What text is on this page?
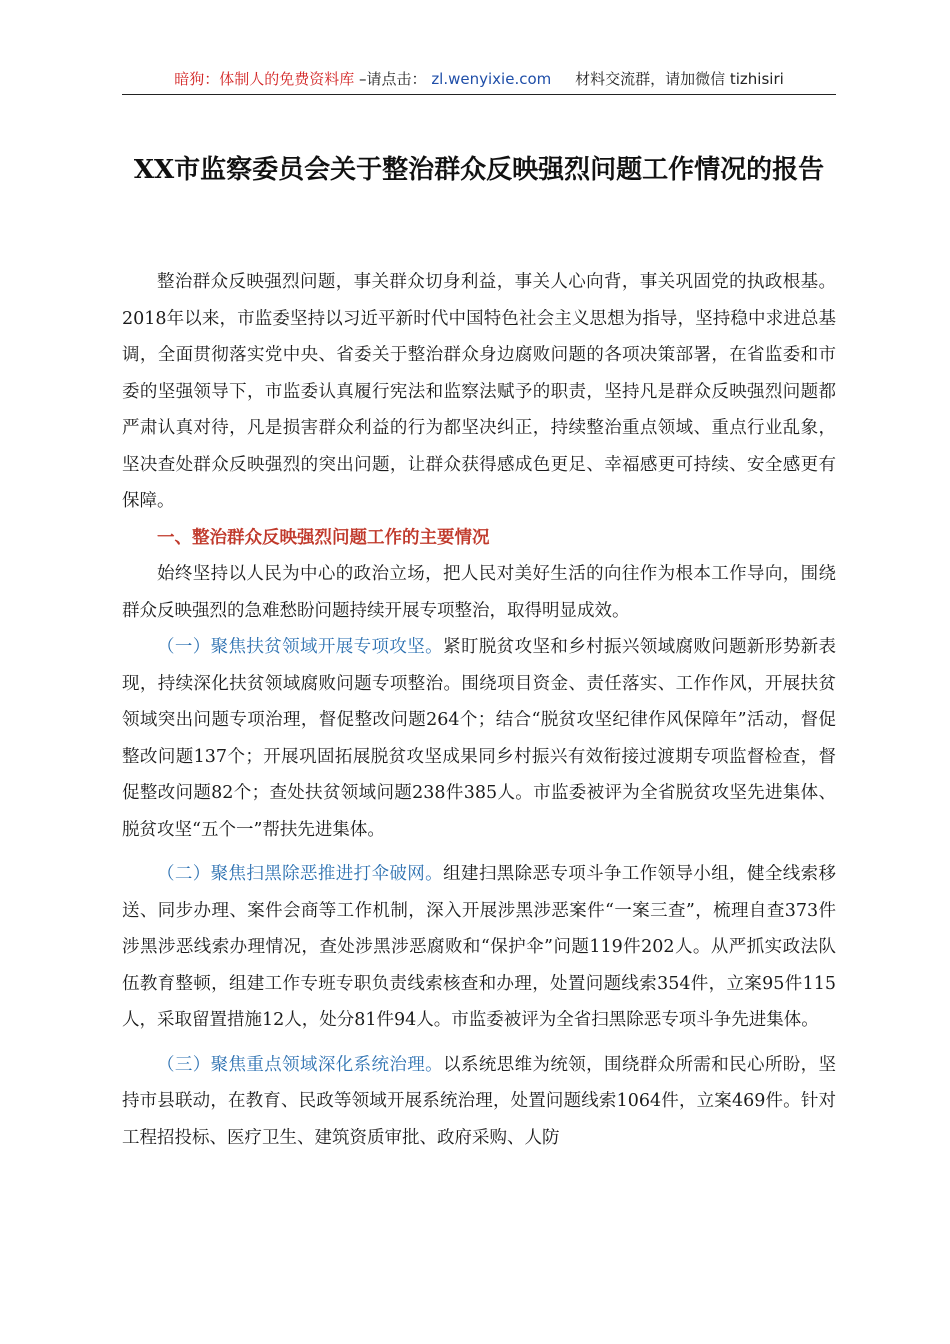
暗狗：体制人的免费资料库 –请点击： zl.wenyixie.com 材料交流群，请加微信 tizhisiri
XX市监察委员会关于整治群众反映强烈问题工作情况的报告

整治群众反映强烈问题，事关群众切身利益，事关人心向背，事关巩固党的执政根基。2018年以来，市监委坚持以习近平新时代中国特色社会主义思想为指导，坚持稳中求进总基调，全面贯彻落实党中央、省委关于整治群众身边腐败问题的各项决策部署，在省监委和市委的坚强领导下，市监委认真履行宪法和监察法赋予的职责，坚持凡是群众反映强烈问题都严肃认真对待，凡是损害群众利益的行为都坚决纠正，持续整治重点领域、重点行业乱象，坚决查处群众反映强烈的突出问题，让群众获得感成色更足、幸福感更可持续、安全感更有保障。

一、整治群众反映强烈问题工作的主要情况

始终坚持以人民为中心的政治立场，把人民对美好生活的向往作为根本工作导向，围绕群众反映强烈的急难愁盼问题持续开展专项整治，取得明显成效。

（一）聚焦扶贫领域开展专项攻坚。紧盯脱贫攻坚和乡村振兴领域腐败问题新形势新表现，持续深化扶贫领域腐败问题专项整治。围绕项目资金、责任落实、工作作风，开展扶贫领域突出问题专项治理，督促整改问题264个；结合“脱贫攻坚纪律作风保障年”活动，督促整改问题137个；开展巩固拓展脱贫攻坚成果同乡村振兴有效衔接过渡期专项监督检查，督促整改问题82个；查处扶贫领域问题238件385人。市监委被评为全省脱贫攻坚先进集体、脱贫攻坚“五个一”帮扶先进集体。

（二）聚焦扫黑除恶推进打伞破网。组建扫黑除恶专项斗争工作领导小组，健全线索移送、同步办理、案件会商等工作机制，深入开展涉黑涉恶案件“一案三查”，梳理自查373件涉黑涉恶线索办理情况，查处涉黑涉恶腐败和“保护伞”问题119件202人。从严抓实政法队伍教育整顿，组建工作专班专职负责线索核查和办理，处置问题线索354件，立案95件115人，采取留置措施12人，处分81件94人。市监委被评为全省扫黑除恶专项斗争先进集体。

（三）聚焦重点领域深化系统治理。以系统思维为统领，围绕群众所需和民心所盼，坚持市县联动，在教育、民政等领域开展系统治理，处置问题线索1064件，立案469件。针对工程招投标、医疗卫生、建筑资质审批、政府采购、人防
